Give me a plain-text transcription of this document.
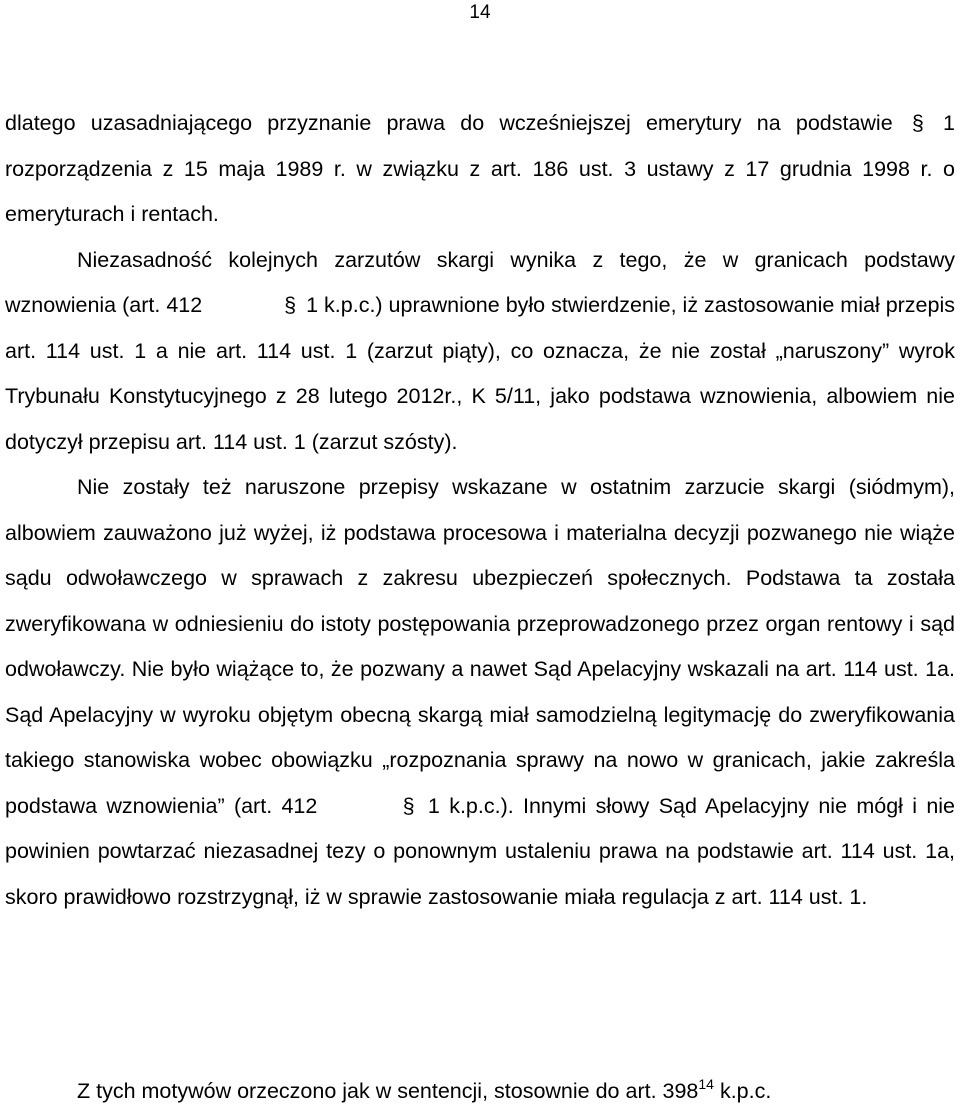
14

dlatego uzasadniającego przyznanie prawa do wcześniejszej emerytury na podstawie § 1 rozporządzenia z 15 maja 1989 r. w związku z art. 186 ust. 3 ustawy z 17 grudnia 1998 r. o emeryturach i rentach.

Niezasadność kolejnych zarzutów skargi wynika z tego, że w granicach podstawy wznowienia (art. 412	§ 1 k.p.c.) uprawnione było stwierdzenie, iż zastosowanie miał przepis art. 114 ust. 1 a nie art. 114 ust. 1 (zarzut piąty), co oznacza, że nie został „naruszony” wyrok Trybunału Konstytucyjnego z 28 lutego 2012r., K 5/11, jako podstawa wznowienia, albowiem nie dotyczył przepisu art. 114 ust. 1 (zarzut szósty).

Nie zostały też naruszone przepisy wskazane w ostatnim zarzucie skargi (siódmym), albowiem zauważono już wyżej, iż podstawa procesowa i materialna decyzji pozwanego nie wiąże sądu odwoławczego w sprawach z zakresu ubezpieczeń społecznych. Podstawa ta została zweryfikowana w odniesieniu do istoty postępowania przeprowadzonego przez organ rentowy i sąd odwoławczy. Nie było wiążące to, że pozwany a nawet Sąd Apelacyjny wskazali na art. 114 ust. 1a. Sąd Apelacyjny w wyroku objętym obecną skargą miał samodzielną legitymację do zweryfikowania takiego stanowiska wobec obowiązku „rozpoznania sprawy na nowo w granicach, jakie zakreśla podstawa wznowienia” (art. 412	§ 1 k.p.c.). Innymi słowy Sąd Apelacyjny nie mógł i nie powinien powtarzać niezasadnej tezy o ponownym ustaleniu prawa na podstawie art. 114 ust. 1a, skoro prawidłowo rozstrzygnął, iż w sprawie zastosowanie miała regulacja z art. 114 ust. 1.

Z tych motywów orzeczono jak w sentencji, stosownie do art. $398^{14}$ k.p.c.
